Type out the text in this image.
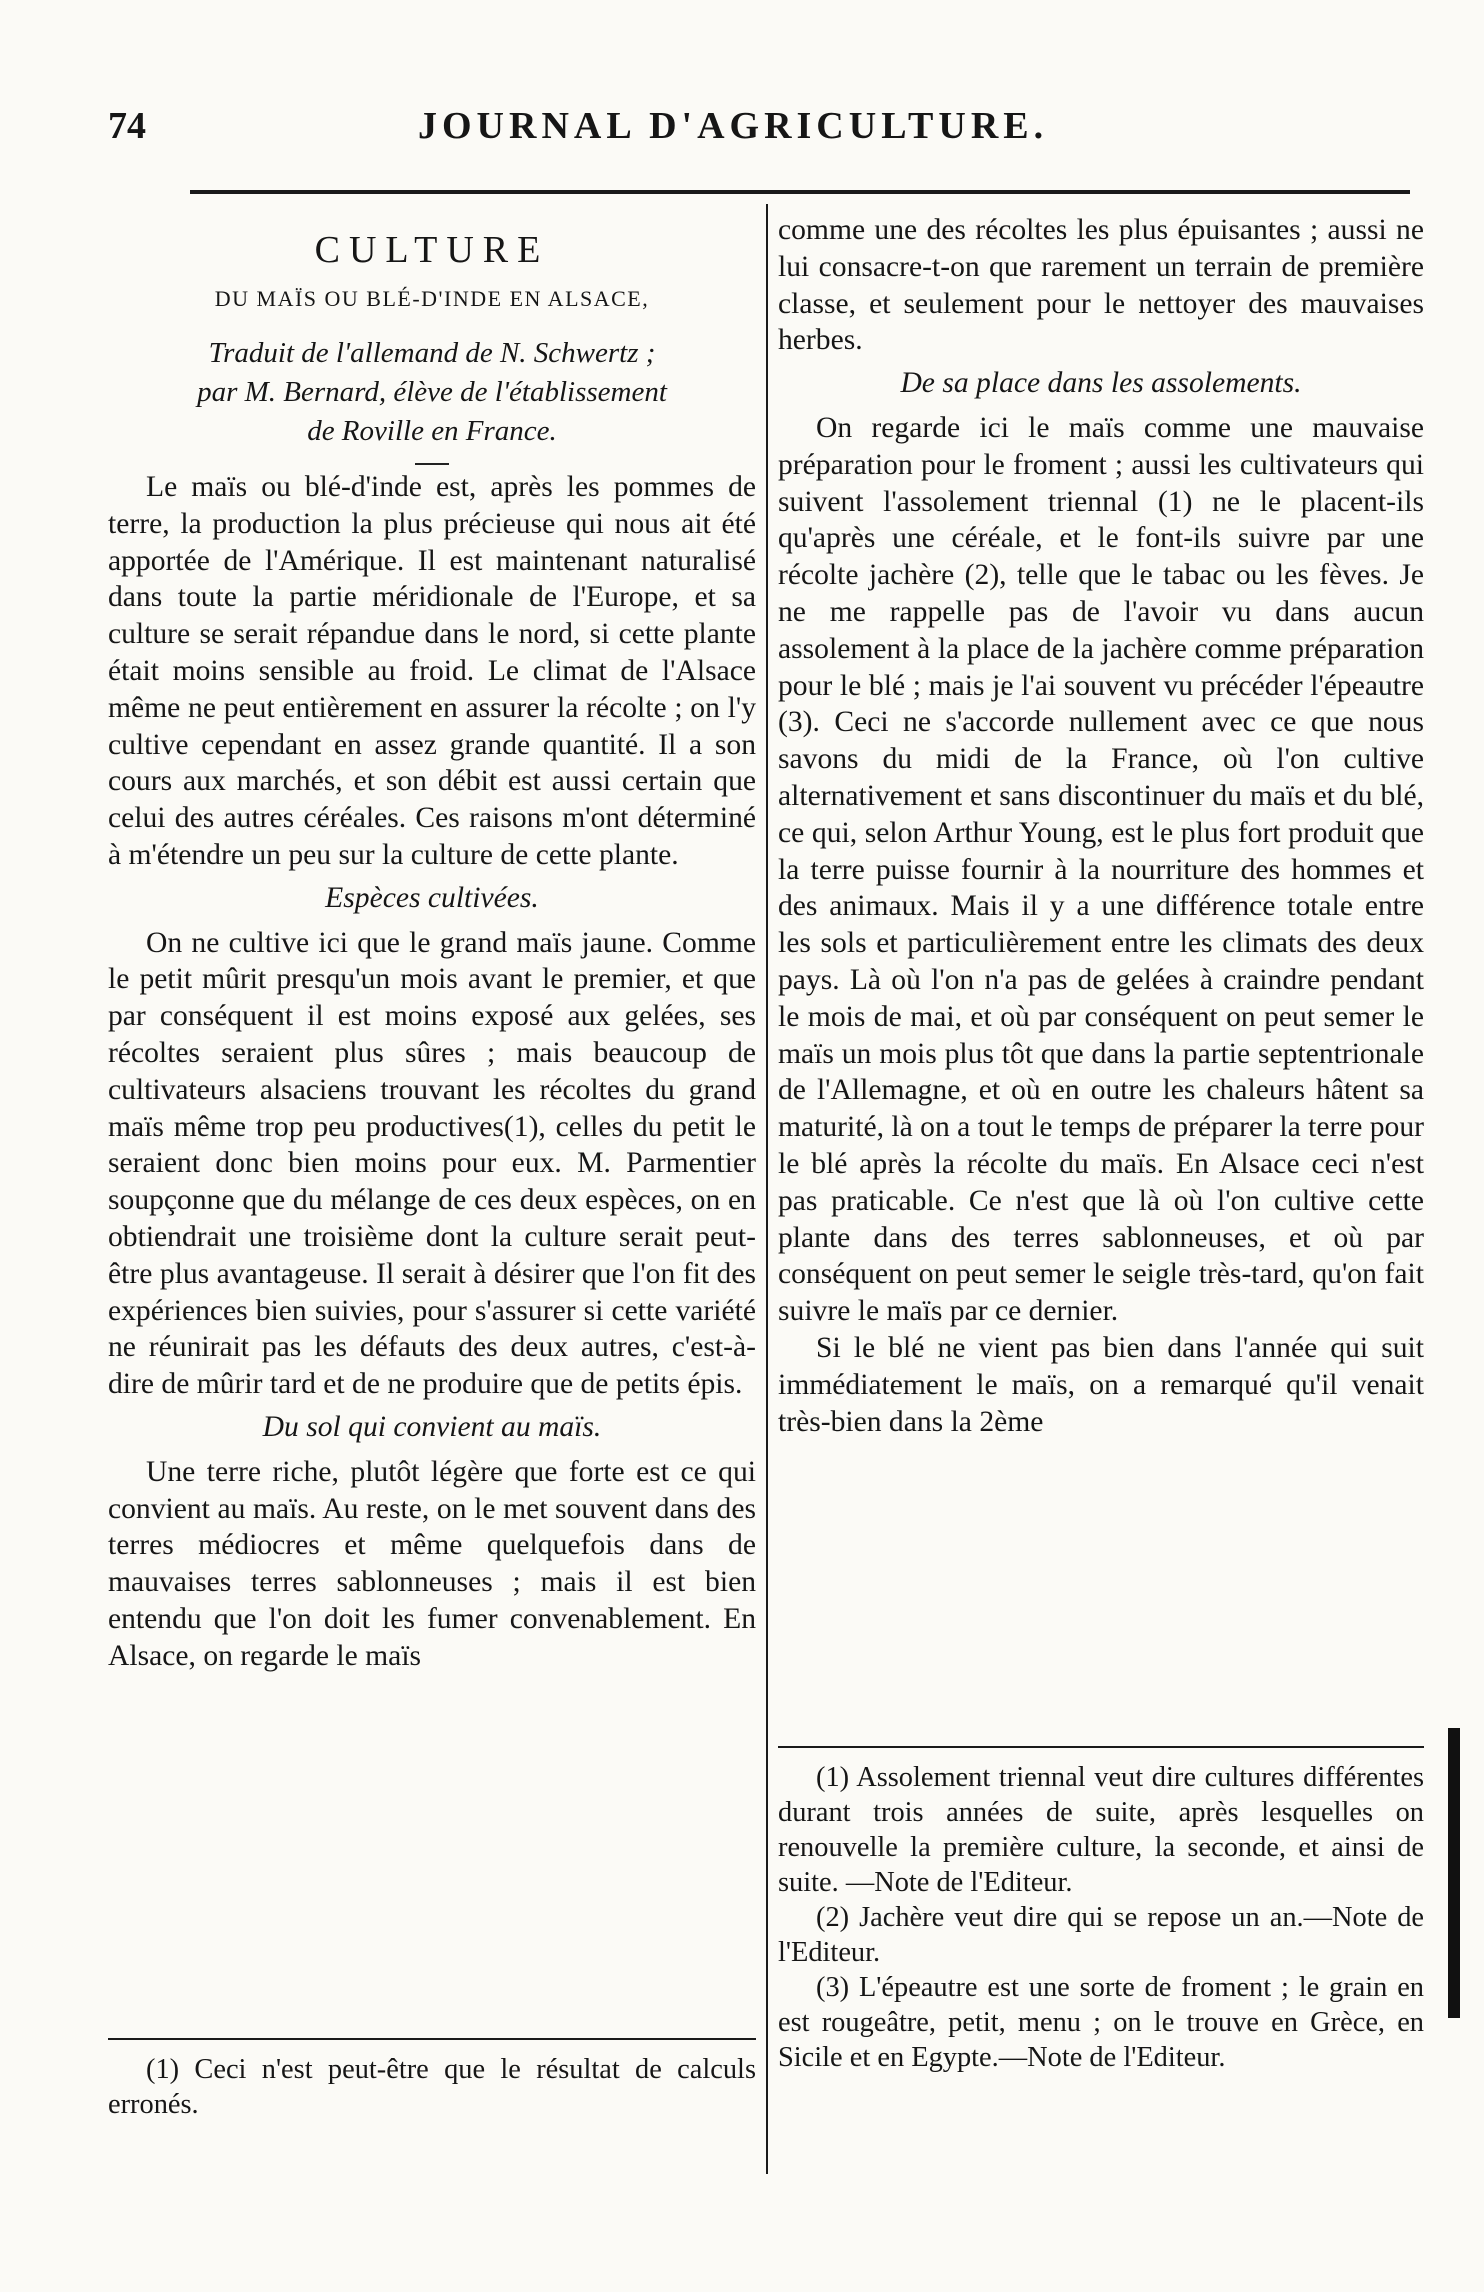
74	JOURNAL D'AGRICULTURE.
CULTURE
DU MAÏS OU BLÉ-D'INDE EN ALSACE,
Traduit de l'allemand de N. Schwertz ;
par M. Bernard, élève de l'établissement
de Roville en France.

Le maïs ou blé-d'inde est, après les pommes de terre, la production la plus précieuse qui nous ait été apportée de l'Amérique. Il est maintenant naturalisé dans toute la partie méridionale de l'Europe, et sa culture se serait répandue dans le nord, si cette plante était moins sensible au froid. Le climat de l'Alsace même ne peut entièrement en assurer la récolte ; on l'y cultive cependant en assez grande quantité. Il a son cours aux marchés, et son débit est aussi certain que celui des autres céréales. Ces raisons m'ont déterminé à m'étendre un peu sur la culture de cette plante.

Espèces cultivées.

On ne cultive ici que le grand maïs jaune. Comme le petit mûrit presqu'un mois avant le premier, et que par conséquent il est moins exposé aux gelées, ses récoltes seraient plus sûres ; mais beaucoup de cultivateurs alsaciens trouvant les récoltes du grand maïs même trop peu productives(1), celles du petit le seraient donc bien moins pour eux. M. Parmentier soupçonne que du mélange de ces deux espèces, on en obtiendrait une troisième dont la culture serait peut-être plus avantageuse. Il serait à désirer que l'on fit des expériences bien suivies, pour s'assurer si cette variété ne réunirait pas les défauts des deux autres, c'est-à-dire de mûrir tard et de ne produire que de petits épis.

Du sol qui convient au maïs.

Une terre riche, plutôt légère que forte est ce qui convient au maïs. Au reste, on le met souvent dans des terres médiocres et même quelquefois dans de mauvaises terres sablonneuses ; mais il est bien entendu que l'on doit les fumer convenablement. En Alsace, on regarde le maïs

(1) Ceci n'est peut-être que le résultat de calculs erronés.

comme une des récoltes les plus épuisantes ; aussi ne lui consacre-t-on que rarement un terrain de première classe, et seulement pour le nettoyer des mauvaises herbes.

De sa place dans les assolements.

On regarde ici le maïs comme une mauvaise préparation pour le froment ; aussi les cultivateurs qui suivent l'assolement triennal (1) ne le placent-ils qu'après une céréale, et le font-ils suivre par une récolte jachère (2), telle que le tabac ou les fèves. Je ne me rappelle pas de l'avoir vu dans aucun assolement à la place de la jachère comme préparation pour le blé ; mais je l'ai souvent vu précéder l'épeautre (3). Ceci ne s'accorde nullement avec ce que nous savons du midi de la France, où l'on cultive alternativement et sans discontinuer du maïs et du blé, ce qui, selon Arthur Young, est le plus fort produit que la terre puisse fournir à la nourriture des hommes et des animaux. Mais il y a une différence totale entre les sols et particulièrement entre les climats des deux pays. Là où l'on n'a pas de gelées à craindre pendant le mois de mai, et où par conséquent on peut semer le maïs un mois plus tôt que dans la partie septentrionale de l'Allemagne, et où en outre les chaleurs hâtent sa maturité, là on a tout le temps de préparer la terre pour le blé après la récolte du maïs. En Alsace ceci n'est pas praticable. Ce n'est que là où l'on cultive cette plante dans des terres sablonneuses, et où par conséquent on peut semer le seigle très-tard, qu'on fait suivre le maïs par ce dernier.

Si le blé ne vient pas bien dans l'année qui suit immédiatement le maïs, on a remarqué qu'il venait très-bien dans la 2ème

(1) Assolement triennal veut dire cultures différentes durant trois années de suite, après lesquelles on renouvelle la première culture, la seconde, et ainsi de suite. —Note de l'Editeur.

(2) Jachère veut dire qui se repose un an.—Note de l'Editeur.

(3) L'épeautre est une sorte de froment ; le grain en est rougeâtre, petit, menu ; on le trouve en Grèce, en Sicile et en Egypte.—Note de l'Editeur.
